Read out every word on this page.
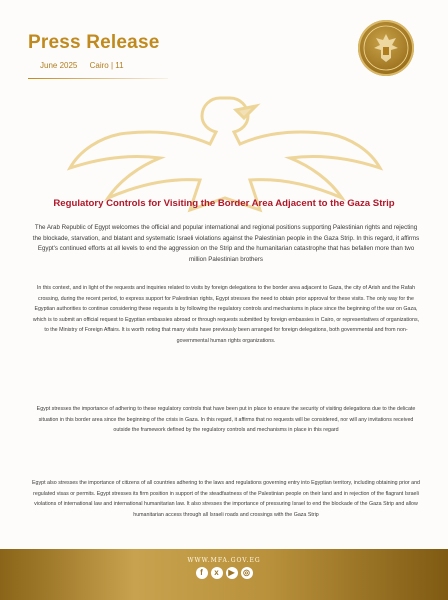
Press Release
June 2025 Cairo | 11
Regulatory Controls for Visiting the Border Area Adjacent to the Gaza Strip

The Arab Republic of Egypt welcomes the official and popular international and regional positions supporting Palestinian rights and rejecting the blockade, starvation, and blatant and systematic Israeli violations against the Palestinian people in the Gaza Strip. In this regard, it affirms Egypt's continued efforts at all levels to end the aggression on the Strip and the humanitarian catastrophe that has befallen more than two million Palestinian brothers

In this context, and in light of the requests and inquiries related to visits by foreign delegations to the border area adjacent to Gaza, the city of Arish and the Rafah crossing, during the recent period, to express support for Palestinian rights, Egypt stresses the need to obtain prior approval for these visits. The only way for the Egyptian authorities to continue considering these requests is by following the regulatory controls and mechanisms in place since the beginning of the war on Gaza, which is to submit an official request to Egyptian embassies abroad or through requests submitted by foreign embassies in Cairo, or representatives of organizations, to the Ministry of Foreign Affairs. It is worth noting that many visits have previously been arranged for foreign delegations, both governmental and from non-governmental human rights organizations.

Egypt stresses the importance of adhering to these regulatory controls that have been put in place to ensure the security of visiting delegations due to the delicate situation in this border area since the beginning of the crisis in Gaza. In this regard, it affirms that no requests will be considered, nor will any invitations received outside the framework defined by the regulatory controls and mechanisms in place in this regard

Egypt also stresses the importance of citizens of all countries adhering to the laws and regulations governing entry into Egyptian territory, including obtaining prior and regulated visas or permits. Egypt stresses its firm position in support of the steadfastness of the Palestinian people on their land and in rejection of the flagrant Israeli violations of international law and international humanitarian law. It also stresses the importance of pressuring Israel to end the blockade of the Gaza Strip and allow humanitarian access through all Israeli roads and crossings with the Gaza Strip

WWW.MFA.GOV.EG
f	x	▶	◎
